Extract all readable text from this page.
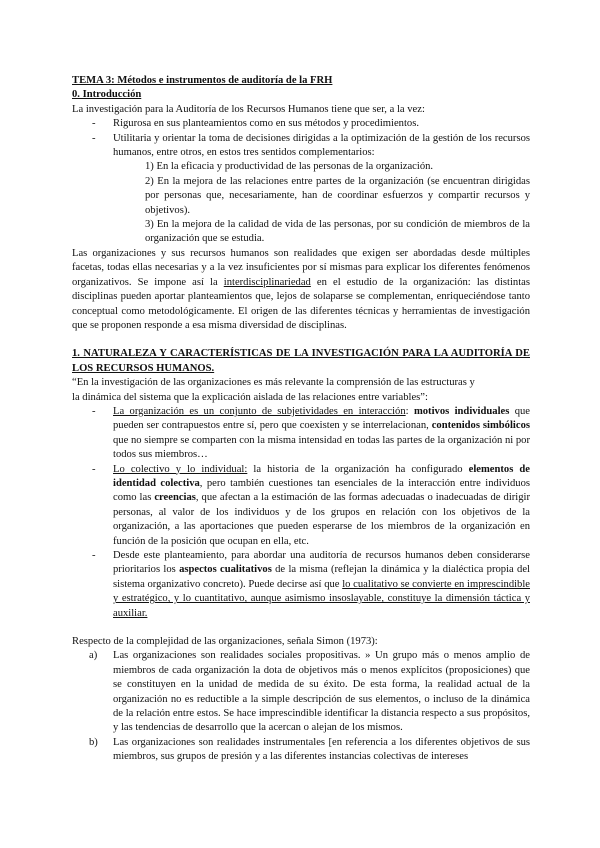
TEMA 3: Métodos e instrumentos de auditoría de la FRH

0. Introducción

La investigación para la Auditoría de los Recursos Humanos tiene que ser, a la vez:

- Rigurosa en sus planteamientos como en sus métodos y procedimientos.
- Utilitaria y orientar la toma de decisiones dirigidas a la optimización de la gestión de los recursos humanos, entre otros, en estos tres sentidos complementarios:

1) En la eficacia y productividad de las personas de la organización.

2) En la mejora de las relaciones entre partes de la organización (se encuentran dirigidas por personas que, necesariamente, han de coordinar esfuerzos y compartir recursos y objetivos).

3) En la mejora de la calidad de vida de las personas, por su condición de miembros de la organización que se estudia.

Las organizaciones y sus recursos humanos son realidades que exigen ser abordadas desde múltiples facetas, todas ellas necesarias y a la vez insuficientes por sí mismas para explicar los diferentes fenómenos organizativos. Se impone así la interdisciplinariedad en el estudio de la organización: las distintas disciplinas pueden aportar planteamientos que, lejos de solaparse se complementan, enriqueciéndose tanto conceptual como metodológicamente. El origen de las diferentes técnicas y herramientas de investigación que se proponen responde a esa misma diversidad de disciplinas.

1. NATURALEZA Y CARACTERÍSTICAS DE LA INVESTIGACIÓN PARA LA AUDITORÍA DE LOS RECURSOS HUMANOS.

“En la investigación de las organizaciones es más relevante la comprensión de las estructuras y

la dinámica del sistema que la explicación aislada de las relaciones entre variables”:

- La organización es un conjunto de subjetividades en interacción: motivos individuales que pueden ser contrapuestos entre sí, pero que coexisten y se interrelacionan, contenidos simbólicos que no siempre se comparten con la misma intensidad en todas las partes de la organización ni por todos sus miembros…
- Lo colectivo y lo individual: la historia de la organización ha configurado elementos de identidad colectiva, pero también cuestiones tan esenciales de la interacción entre individuos como las creencias, que afectan a la estimación de las formas adecuadas o inadecuadas de dirigir personas, al valor de los individuos y de los grupos en relación con los objetivos de la organización, a las aportaciones que pueden esperarse de los miembros de la organización en función de la posición que ocupan en ella, etc.
- Desde este planteamiento, para abordar una auditoría de recursos humanos deben considerarse prioritarios los aspectos cualitativos de la misma (reflejan la dinámica y la dialéctica propia del sistema organizativo concreto). Puede decirse así que lo cualitativo se convierte en imprescindible y estratégico, y lo cuantitativo, aunque asimismo insoslayable, constituye la dimensión táctica y auxiliar.

Respecto de la complejidad de las organizaciones, señala Simon (1973):

a) Las organizaciones son realidades sociales propositivas. » Un grupo más o menos amplio de miembros de cada organización la dota de objetivos más o menos explícitos (proposiciones) que se constituyen en la unidad de medida de su éxito. De esta forma, la realidad actual de la organización no es reductible a la simple descripción de sus elementos, o incluso de la dinámica de la relación entre estos. Se hace imprescindible identificar la distancia respecto a sus propósitos, y las tendencias de desarrollo que la acercan o alejan de los mismos.
b) Las organizaciones son realidades instrumentales [en referencia a los diferentes objetivos de sus miembros, sus grupos de presión y a las diferentes instancias colectivas de intereses
